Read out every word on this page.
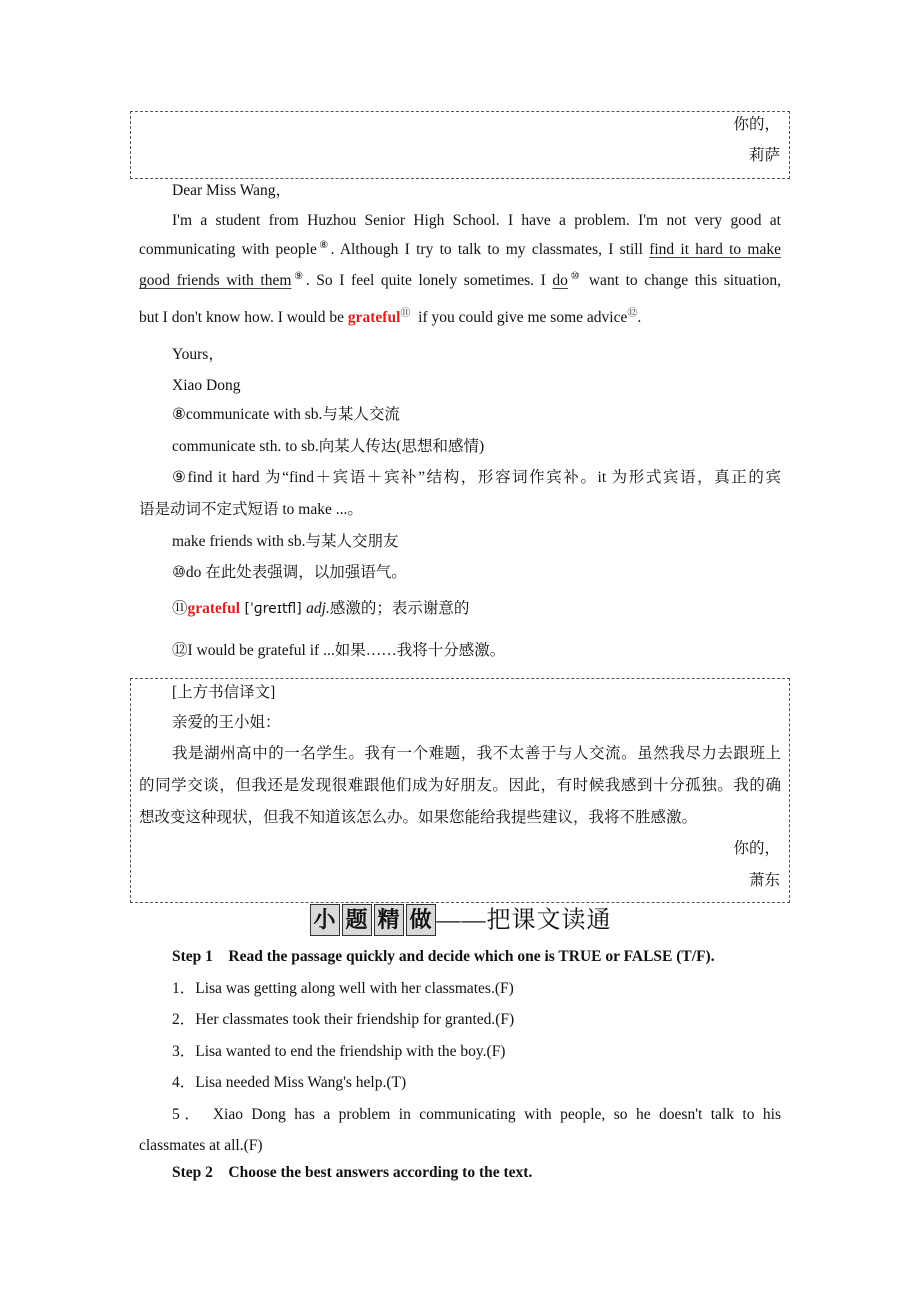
你的，
莉萨
Dear Miss Wang，
I'm a student from Huzhou Senior High School. I have a problem. I'm not very good at
communicating with people⑧. Although I try to talk to my classmates, I still find it hard to make
good friends with them⑨. So I feel quite lonely sometimes. I do⑩ want to change this situation,
but I don't know how. I would be grateful⑪  if you could give me some advice⑫.
Yours，
Xiao Dong
⑧communicate with sb.与某人交流
communicate sth. to sb.向某人传达(思想和感情)
⑨find it hard 为“find＋宾语＋宾补”结构，形容词作宾补。it 为形式宾语，真正的宾
语是动词不定式短语 to make ...。
make friends with sb.与某人交朋友
⑩do 在此处表强调，以加强语气。
⑪grateful [ˈɡreɪtfl] adj.感激的；表示谢意的
⑫I would be grateful if ...如果……我将十分感激。
[上方书信译文]
亲爱的王小姐：
我是湖州高中的一名学生。我有一个难题，我不太善于与人交流。虽然我尽力去跟班上
的同学交谈，但我还是发现很难跟他们成为好朋友。因此，有时候我感到十分孤独。我的确
想改变这种现状，但我不知道该怎么办。如果您能给我提些建议，我将不胜感激。
你的，
萧东
小 题 精 做 ——把课文读通
Step 1　Read the passage quickly and decide which one is TRUE or FALSE (T/F).
1．Lisa was getting along well with her classmates.(F)
2．Her classmates took their friendship for granted.(F)
3．Lisa wanted to end the friendship with the boy.(F)
4．Lisa needed Miss Wang's help.(T)
5． Xiao Dong has a problem in communicating with people, so he doesn't talk to his
classmates at all.(F)
Step 2　Choose the best answers according to the text.
